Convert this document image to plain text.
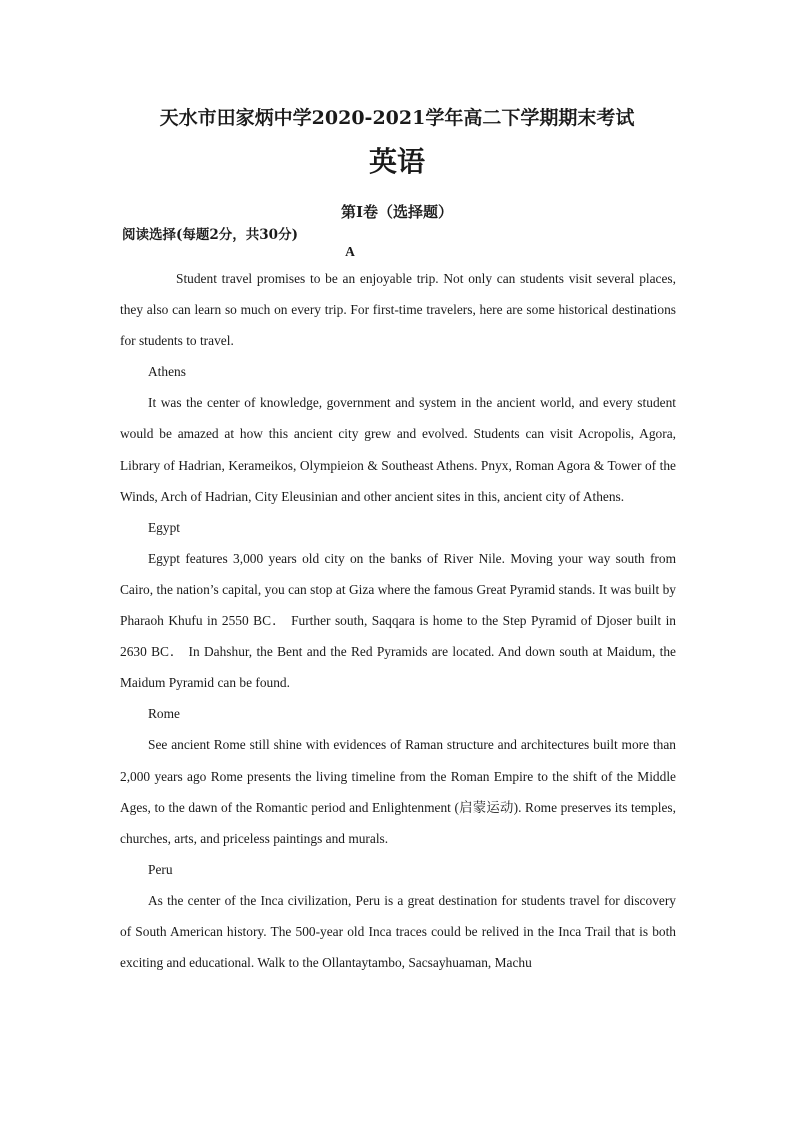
天水市田家炳中学2020-2021学年高二下学期期末考试
英语
第I卷（选择题）
阅读选择(每题2分，共30分)
A

Student travel promises to be an enjoyable trip. Not only can students visit several places, they also can learn so much on every trip. For first-time travelers, here are some historical destinations for students to travel.

Athens

It was the center of knowledge, government and system in the ancient world, and every student would be amazed at how this ancient city grew and evolved. Students can visit Acropolis, Agora, Library of Hadrian, Kerameikos, Olympieion & Southeast Athens. Pnyx, Roman Agora & Tower of the Winds, Arch of Hadrian, City Eleusinian and other ancient sites in this, ancient city of Athens.

Egypt

Egypt features 3,000 years old city on the banks of River Nile. Moving your way south from Cairo, the nation’s capital, you can stop at Giza where the famous Great Pyramid stands. It was built by Pharaoh Khufu in 2550 BC． Further south, Saqqara is home to the Step Pyramid of Djoser built in 2630 BC． In Dahshur, the Bent and the Red Pyramids are located. And down south at Maidum, the Maidum Pyramid can be found.

Rome

See ancient Rome still shine with evidences of Raman structure and architectures built more than 2,000 years ago Rome presents the living timeline from the Roman Empire to the shift of the Middle Ages, to the dawn of the Romantic period and Enlightenment (启蒙运动). Rome preserves its temples, churches, arts, and priceless paintings and murals.

Peru

As the center of the Inca civilization, Peru is a great destination for students travel for discovery of South American history. The 500-year old Inca traces could be relived in the Inca Trail that is both exciting and educational. Walk to the Ollantaytambo, Sacsayhuaman, Machu
